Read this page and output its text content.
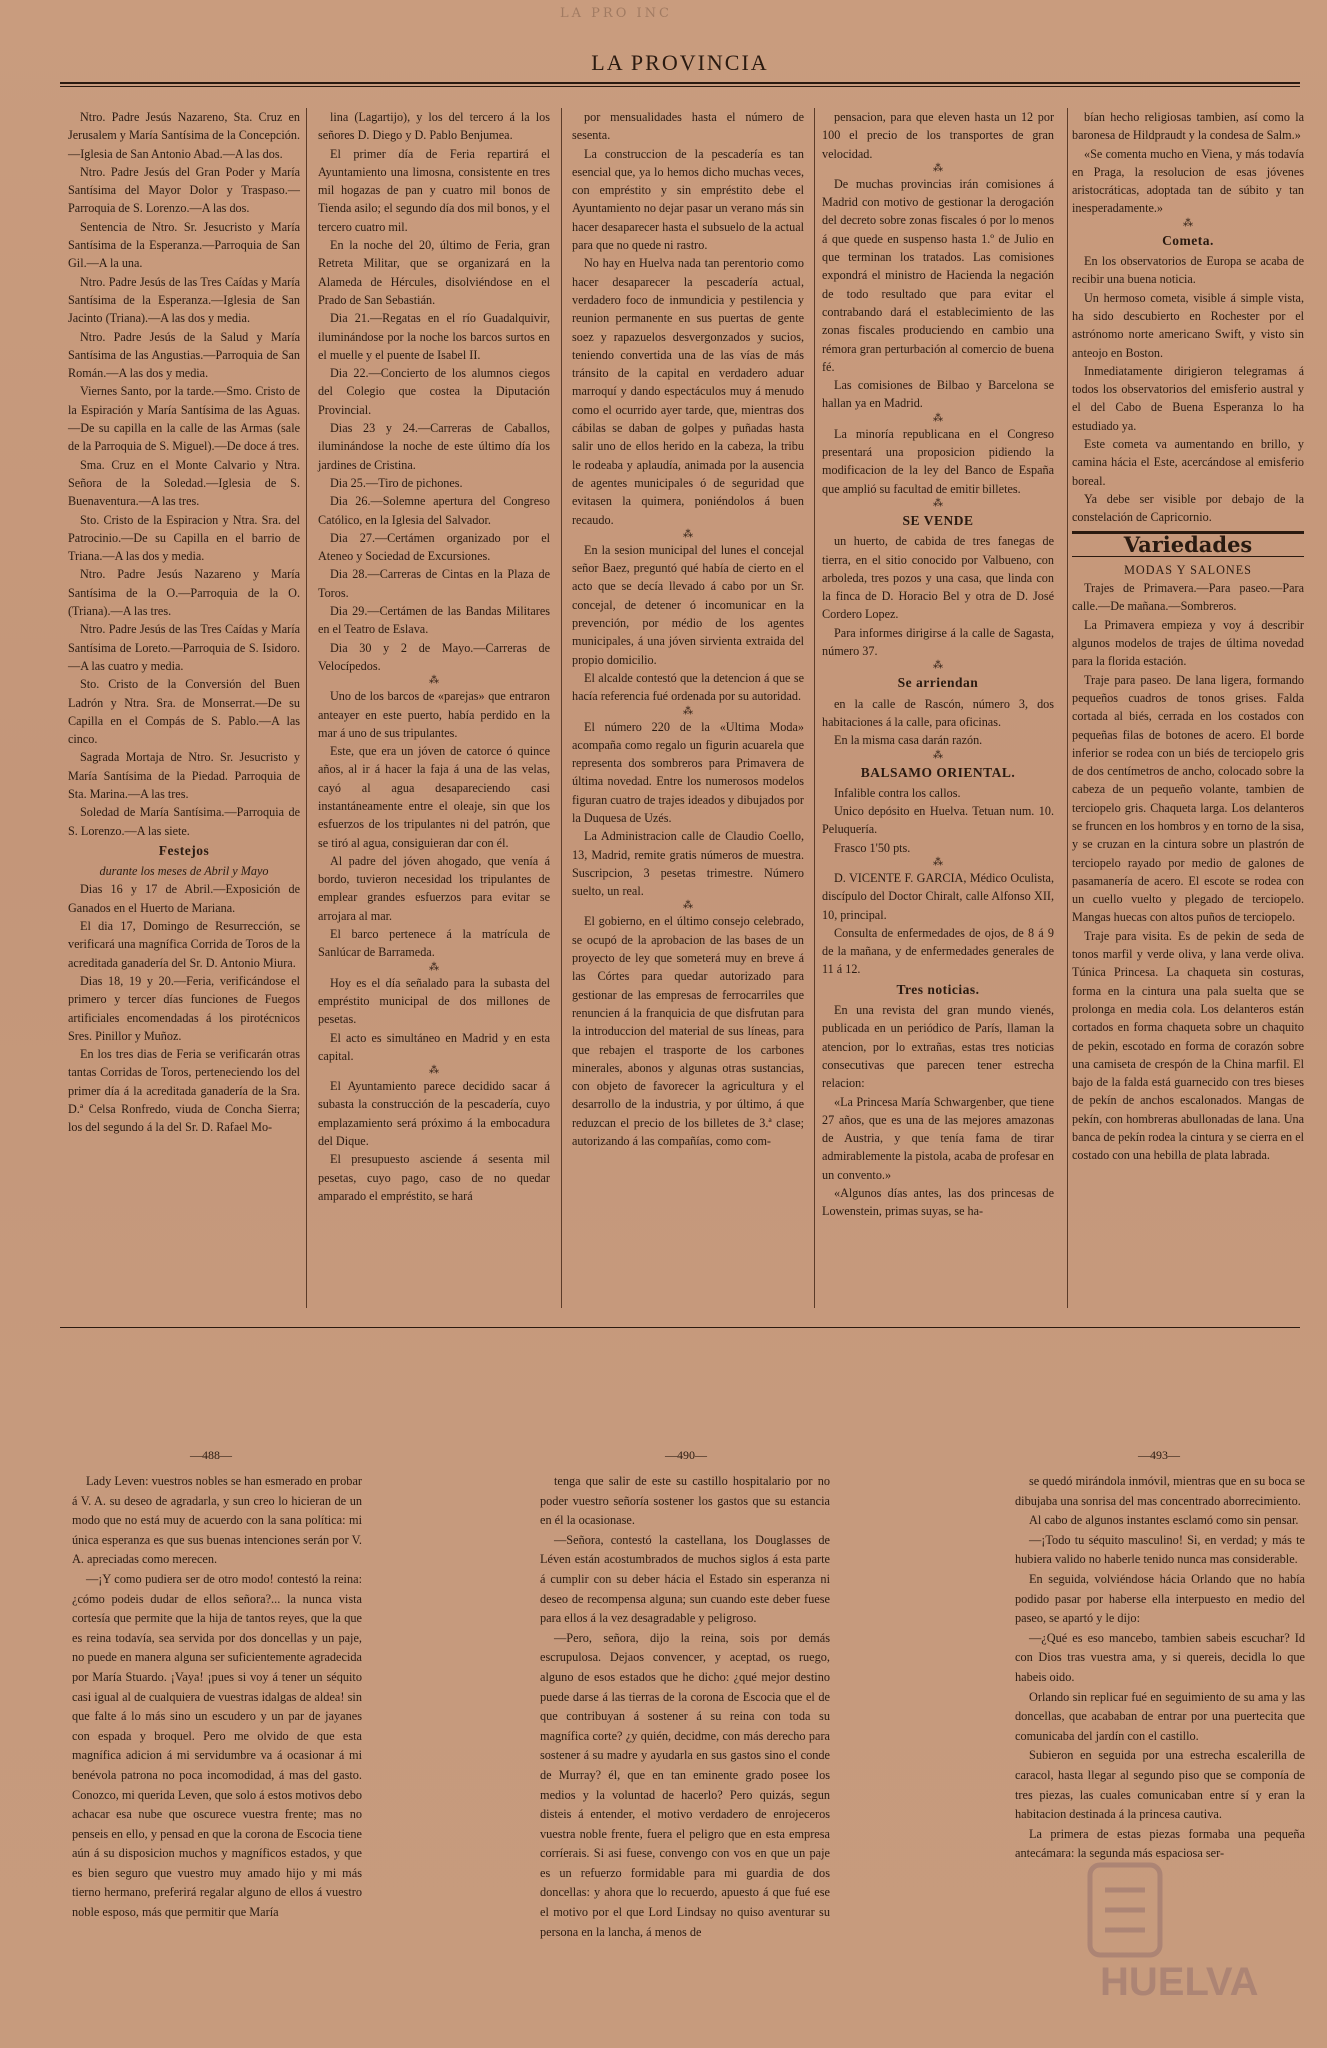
LA PRO INC
LA PROVINCIA

Ntro. Padre Jesús Nazareno, Sta. Cruz en Jerusalem y María Santísima de la Concepción.—Iglesia de San Antonio Abad.—A las dos.

Ntro. Padre Jesús del Gran Poder y María Santísima del Mayor Dolor y Traspaso.—Parroquia de S. Lorenzo.—A las dos.

Sentencia de Ntro. Sr. Jesucristo y María Santísima de la Esperanza.—Parroquia de San Gil.—A la una.

Ntro. Padre Jesús de las Tres Caídas y María Santísima de la Esperanza.—Iglesia de San Jacinto (Triana).—A las dos y media.

Ntro. Padre Jesús de la Salud y María Santísima de las Angustias.—Parroquia de San Román.—A las dos y media.

Viernes Santo, por la tarde.—Smo. Cristo de la Espiración y María Santísima de las Aguas.—De su capilla en la calle de las Armas (sale de la Parroquia de S. Miguel).—De doce á tres.

Sma. Cruz en el Monte Calvario y Ntra. Señora de la Soledad.—Iglesia de S. Buenaventura.—A las tres.

Sto. Cristo de la Espiracion y Ntra. Sra. del Patrocinio.—De su Capilla en el barrio de Triana.—A las dos y media.

Ntro. Padre Jesús Nazareno y María Santísima de la O.—Parroquia de la O. (Triana).—A las tres.

Ntro. Padre Jesús de las Tres Caídas y María Santísima de Loreto.—Parroquia de S. Isidoro.—A las cuatro y media.

Sto. Cristo de la Conversión del Buen Ladrón y Ntra. Sra. de Monserrat.—De su Capilla en el Compás de S. Pablo.—A las cinco.

Sagrada Mortaja de Ntro. Sr. Jesucristo y María Santísima de la Piedad. Parroquia de Sta. Marina.—A las tres.

Soledad de María Santísima.—Parroquia de S. Lorenzo.—A las siete.

Festejos

durante los meses de Abril y Mayo

Dias 16 y 17 de Abril.—Exposición de Ganados en el Huerto de Mariana.

El dia 17, Domingo de Resurrección, se verificará una magnífica Corrida de Toros de la acreditada ganadería del Sr. D. Antonio Miura.

Dias 18, 19 y 20.—Feria, verificándose el primero y tercer días funciones de Fuegos artificiales encomendadas á los pirotécnicos Sres. Pinillor y Muñoz.

En los tres dias de Feria se verificarán otras tantas Corridas de Toros, perteneciendo los del primer día á la acreditada ganadería de la Sra. D.ª Celsa Ronfredo, viuda de Concha Sierra; los del segundo á la del Sr. D. Rafael Mo-

lina (Lagartijo), y los del tercero á la los señores D. Diego y D. Pablo Benjumea.

El primer día de Feria repartirá el Ayuntamiento una limosna, consistente en tres mil hogazas de pan y cuatro mil bonos de Tienda asilo; el segundo día dos mil bonos, y el tercero cuatro mil.

En la noche del 20, último de Feria, gran Retreta Militar, que se organizará en la Alameda de Hércules, disolviéndose en el Prado de San Sebastián.

Dia 21.—Regatas en el río Guadalquivir, iluminándose por la noche los barcos surtos en el muelle y el puente de Isabel II.

Dia 22.—Concierto de los alumnos ciegos del Colegio que costea la Diputación Provincial.

Dias 23 y 24.—Carreras de Caballos, iluminándose la noche de este último día los jardines de Cristina.

Dia 25.—Tiro de pichones.

Dia 26.—Solemne apertura del Congreso Católico, en la Iglesia del Salvador.

Dia 27.—Certámen organizado por el Ateneo y Sociedad de Excursiones.

Dia 28.—Carreras de Cintas en la Plaza de Toros.

Dia 29.—Certámen de las Bandas Militares en el Teatro de Eslava.

Dia 30 y 2 de Mayo.—Carreras de Velocípedos.

⁂

Uno de los barcos de «parejas» que entraron anteayer en este puerto, había perdido en la mar á uno de sus tripulantes.

Este, que era un jóven de catorce ó quince años, al ir á hacer la faja á una de las velas, cayó al agua desapareciendo casi instantáneamente entre el oleaje, sin que los esfuerzos de los tripulantes ni del patrón, que se tiró al agua, consiguieran dar con él.

Al padre del jóven ahogado, que venía á bordo, tuvieron necesidad los tripulantes de emplear grandes esfuerzos para evitar se arrojara al mar.

El barco pertenece á la matrícula de Sanlúcar de Barrameda.

⁂

Hoy es el día señalado para la subasta del empréstito municipal de dos millones de pesetas.

El acto es simultáneo en Madrid y en esta capital.

⁂

El Ayuntamiento parece decidido sacar á subasta la construcción de la pescadería, cuyo emplazamiento será próximo á la embocadura del Dique.

El presupuesto asciende á sesenta mil pesetas, cuyo pago, caso de no quedar amparado el empréstito, se hará

por mensualidades hasta el número de sesenta.

La construccion de la pescadería es tan esencial que, ya lo hemos dicho muchas veces, con empréstito y sin empréstito debe el Ayuntamiento no dejar pasar un verano más sin hacer desaparecer hasta el subsuelo de la actual para que no quede ni rastro.

No hay en Huelva nada tan perentorio como hacer desaparecer la pescadería actual, verdadero foco de inmundicia y pestilencia y reunion permanente en sus puertas de gente soez y rapazuelos desvergonzados y sucios, teniendo convertida una de las vías de más tránsito de la capital en verdadero aduar marroquí y dando espectáculos muy á menudo como el ocurrido ayer tarde, que, mientras dos cábilas se daban de golpes y puñadas hasta salir uno de ellos herido en la cabeza, la tribu le rodeaba y aplaudía, animada por la ausencia de agentes municipales ó de seguridad que evitasen la quimera, poniéndolos á buen recaudo.

⁂

En la sesion municipal del lunes el concejal señor Baez, preguntó qué había de cierto en el acto que se decía llevado á cabo por un Sr. concejal, de detener ó incomunicar en la prevención, por médio de los agentes municipales, á una jóven sirvienta extraida del propio domicilio.

El alcalde contestó que la detencion á que se hacía referencia fué ordenada por su autoridad.

⁂

El número 220 de la «Ultima Moda» acompaña como regalo un figurin acuarela que representa dos sombreros para Primavera de última novedad. Entre los numerosos modelos figuran cuatro de trajes ideados y dibujados por la Duquesa de Uzés.

La Administracion calle de Claudio Coello, 13, Madrid, remite gratis números de muestra. Suscripcion, 3 pesetas trimestre. Número suelto, un real.

⁂

El gobierno, en el último consejo celebrado, se ocupó de la aprobacion de las bases de un proyecto de ley que someterá muy en breve á las Córtes para quedar autorizado para gestionar de las empresas de ferrocarriles que renuncien á la franquicia de que disfrutan para la introduccion del material de sus líneas, para que rebajen el trasporte de los carbones minerales, abonos y algunas otras sustancias, con objeto de favorecer la agricultura y el desarrollo de la industria, y por último, á que reduzcan el precio de los billetes de 3.ª clase; autorizando á las compañías, como com-

pensacion, para que eleven hasta un 12 por 100 el precio de los transportes de gran velocidad.

⁂

De muchas provincias irán comisiones á Madrid con motivo de gestionar la derogación del decreto sobre zonas fiscales ó por lo menos á que quede en suspenso hasta 1.º de Julio en que terminan los tratados. Las comisiones expondrá el ministro de Hacienda la negación de todo resultado que para evitar el contrabando dará el establecimiento de las zonas fiscales produciendo en cambio una rémora gran perturbación al comercio de buena fé.

Las comisiones de Bilbao y Barcelona se hallan ya en Madrid.

⁂

La minoría republicana en el Congreso presentará una proposicion pidiendo la modificacion de la ley del Banco de España que amplió su facultad de emitir billetes.

⁂

SE VENDE

un huerto, de cabida de tres fanegas de tierra, en el sitio conocido por Valbueno, con arboleda, tres pozos y una casa, que linda con la finca de D. Horacio Bel y otra de D. José Cordero Lopez.

Para informes dirigirse á la calle de Sagasta, número 37.

⁂

Se arriendan

en la calle de Rascón, número 3, dos habitaciones á la calle, para oficinas.

En la misma casa darán razón.

⁂

BALSAMO ORIENTAL.

Infalible contra los callos.

Unico depósito en Huelva. Tetuan num. 10. Peluquería.

Frasco 1'50 pts.

⁂

D. VICENTE F. GARCIA, Médico Oculista, discípulo del Doctor Chiralt, calle Alfonso XII, 10, principal.

Consulta de enfermedades de ojos, de 8 á 9 de la mañana, y de enfermedades generales de 11 á 12.

Tres noticias.

En una revista del gran mundo vienés, publicada en un periódico de París, llaman la atencion, por lo extrañas, estas tres noticias consecutivas que parecen tener estrecha relacion:

«La Princesa María Schwargenber, que tiene 27 años, que es una de las mejores amazonas de Austria, y que tenía fama de tirar admirablemente la pistola, acaba de profesar en un convento.»

«Algunos días antes, las dos princesas de Lowenstein, primas suyas, se ha-

bían hecho religiosas tambien, así como la baronesa de Hildpraudt y la condesa de Salm.»

«Se comenta mucho en Viena, y más todavía en Praga, la resolucion de esas jóvenes aristocráticas, adoptada tan de súbito y tan inesperadamente.»

⁂

Cometa.

En los observatorios de Europa se acaba de recibir una buena noticia.

Un hermoso cometa, visible á simple vista, ha sido descubierto en Rochester por el astrónomo norte americano Swift, y visto sin anteojo en Boston.

Inmediatamente dirigieron telegramas á todos los observatorios del emisferio austral y el del Cabo de Buena Esperanza lo ha estudiado ya.

Este cometa va aumentando en brillo, y camina hácia el Este, acercándose al emisferio boreal.

Ya debe ser visible por debajo de la constelación de Capricornio.

Variedades

MODAS Y SALONES

Trajes de Primavera.—Para paseo.—Para calle.—De mañana.—Sombreros.

La Primavera empieza y voy á describir algunos modelos de trajes de última novedad para la florida estación.

Traje para paseo. De lana ligera, formando pequeños cuadros de tonos grises. Falda cortada al biés, cerrada en los costados con pequeñas filas de botones de acero. El borde inferior se rodea con un biés de terciopelo gris de dos centímetros de ancho, colocado sobre la cabeza de un pequeño volante, tambien de terciopelo gris. Chaqueta larga. Los delanteros se fruncen en los hombros y en torno de la sisa, y se cruzan en la cintura sobre un plastrón de terciopelo rayado por medio de galones de pasamanería de acero. El escote se rodea con un cuello vuelto y plegado de terciopelo. Mangas huecas con altos puños de terciopelo.

Traje para visita. Es de pekin de seda de tonos marfil y verde oliva, y lana verde oliva. Túnica Princesa. La chaqueta sin costuras, forma en la cintura una pala suelta que se prolonga en media cola. Los delanteros están cortados en forma chaqueta sobre un chaquito de pekin, escotado en forma de corazón sobre una camiseta de crespón de la China marfil. El bajo de la falda está guarnecido con tres bieses de pekín de anchos escalonados. Mangas de pekín, con hombreras abullonadas de lana. Una banca de pekín rodea la cintura y se cierra en el costado con una hebilla de plata labrada.

—488—	—490—	—493—

Lady Leven: vuestros nobles se han esmerado en probar á V. A. su deseo de agradarla, y sun creo lo hicieran de un modo que no está muy de acuerdo con la sana política: mi única esperanza es que sus buenas intenciones serán por V. A. apreciadas como merecen.

—¡Y como pudiera ser de otro modo! contestó la reina: ¿cómo podeis dudar de ellos señora?... la nunca vista cortesía que permite que la hija de tantos reyes, que la que es reina todavía, sea servida por dos doncellas y un paje, no puede en manera alguna ser suficientemente agradecida por María Stuardo. ¡Vaya! ¡pues si voy á tener un séquito casi igual al de cualquiera de vuestras idalgas de aldea! sin que falte á lo más sino un escudero y un par de jayanes con espada y broquel. Pero me olvido de que esta magnífica adicion á mi servidumbre va á ocasionar á mi benévola patrona no poca incomodidad, á mas del gasto. Conozco, mi querida Leven, que solo á estos motivos debo achacar esa nube que oscurece vuestra frente; mas no penseis en ello, y pensad en que la corona de Escocia tiene aún á su disposicion muchos y magníficos estados, y que es bien seguro que vuestro muy amado hijo y mi más tierno hermano, preferirá regalar alguno de ellos á vuestro noble esposo, más que permitir que María

tenga que salir de este su castillo hospitalario por no poder vuestro señoría sostener los gastos que su estancia en él la ocasionase.

—Señora, contestó la castellana, los Douglasses de Léven están acostumbrados de muchos siglos á esta parte á cumplir con su deber hácia el Estado sin esperanza ni deseo de recompensa alguna; sun cuando este deber fuese para ellos á la vez desagradable y peligroso.

—Pero, señora, dijo la reina, sois por demás escrupulosa. Dejaos convencer, y aceptad, os ruego, alguno de esos estados que he dicho: ¿qué mejor destino puede darse á las tierras de la corona de Escocia que el de que contribuyan á sostener á su reina con toda su magnífica corte? ¿y quién, decidme, con más derecho para sostener á su madre y ayudarla en sus gastos sino el conde de Murray? él, que en tan eminente grado posee los medios y la voluntad de hacerlo? Pero quizás, segun disteis á entender, el motivo verdadero de enrojeceros vuestra noble frente, fuera el peligro que en esta empresa corríerais. Si asi fuese, convengo con vos en que un paje es un refuerzo formidable para mi guardia de dos doncellas: y ahora que lo recuerdo, apuesto á que fué ese el motivo por el que Lord Lindsay no quiso aventurar su persona en la lancha, á menos de

se quedó mirándola inmóvil, mientras que en su boca se dibujaba una sonrisa del mas concentrado aborrecimiento.

Al cabo de algunos instantes esclamó como sin pensar.

—¡Todo tu séquito masculino! Si, en verdad; y más te hubiera valido no haberle tenido nunca mas considerable.

En seguida, volviéndose hácia Orlando que no había podido pasar por haberse ella interpuesto en medio del paseo, se apartó y le dijo:

—¿Qué es eso mancebo, tambien sabeis escuchar? Id con Dios tras vuestra ama, y si quereis, decidla lo que habeis oido.

Orlando sin replicar fué en seguimiento de su ama y las doncellas, que acababan de entrar por una puertecita que comunicaba del jardín con el castillo.

Subieron en seguida por una estrecha escalerilla de caracol, hasta llegar al segundo piso que se componía de tres piezas, las cuales comunicaban entre sí y eran la habitacion destinada á la princesa cautiva.

La primera de estas piezas formaba una pequeña antecámara: la segunda más espaciosa ser-

HUELVA
